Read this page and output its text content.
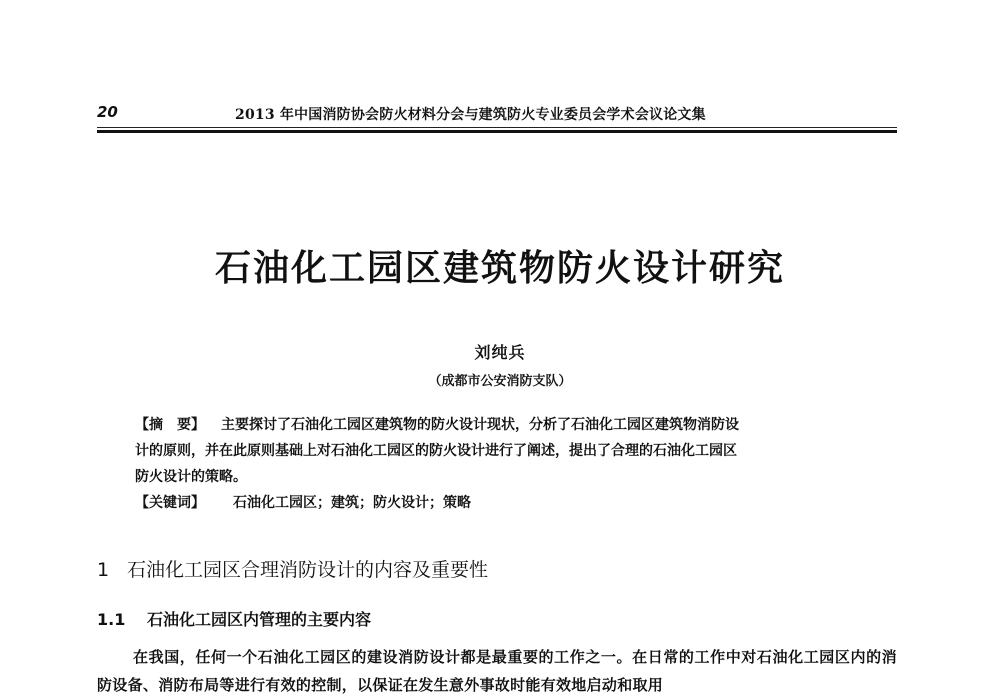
20	2013 年中国消防协会防火材料分会与建筑防火专业委员会学术会议论文集
石油化工园区建筑物防火设计研究
刘纯兵
（成都市公安消防支队）
【摘　要】 主要探讨了石油化工园区建筑物的防火设计现状，分析了石油化工园区建筑物消防设
计的原则，并在此原则基础上对石油化工园区的防火设计进行了阐述，提出了合理的石油化工园区
防火设计的策略。
【关键词】 石油化工园区；建筑；防火设计；策略
1 石油化工园区合理消防设计的内容及重要性
1.1 石油化工园区内管理的主要内容
在我国，任何一个石油化工园区的建设消防设计都是最重要的工作之一。在日常的工作中对石油化工园区内的消防设备、消防布局等进行有效的控制，以保证在发生意外事故时能有效地启动和取用
